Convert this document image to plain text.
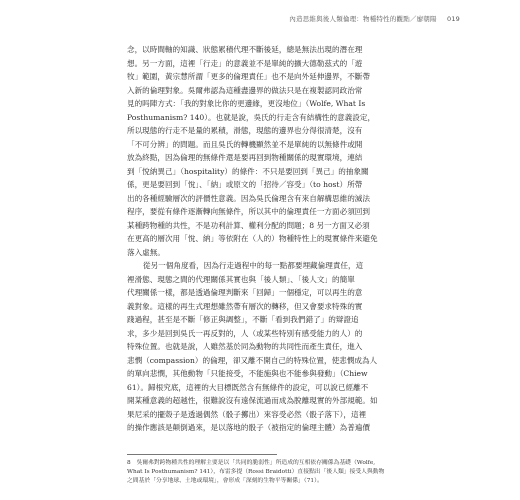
內造思維與後人類倫理：物種特性的觀點／廖朝陽 019
念，以時間軸的知識、狀態累積代理不斷後延，總是無法出現的潛在理
想。另一方面，這裡「行走」的意義並不是單純的擴大德勒茲式的「遊
牧」範圍，黃宗慧所謂「更多的倫理責任」也不是向外延伸邊界，不斷帶
入新的倫理對象。吳爾弗認為這種盡邊界的做法只是在複製認同政治常
見的吗陣方式：「我的對象比你的更邊緣，更沒地位」（Wolfe, What Is
Posthumanism? 140）。也就是說，吳氏的行走含有結構性的意義設定，
所以現態的行走不是量的累積，滑態，現態的邊界也分得很清楚，沒有
「不可分辨」的問題。而且吳氏的轉機顯然並不是單純的以無條件或開
放為終點，因為倫理的無條件還是要再回到物種關係的現實環境，連結
到「悅納異己」（hospitality）的條件：不只是要回到「異己」的抽象關
係，更是要回到「悅」、「納」或原文的「招待／容受」（to host）所帶
出的各種經驗層次的評價性意義。因為吳氏倫理含有來自解構思維的滅法
程序，要從有條件逐漸轉向無條件，所以其中的倫理責任一方面必須回到
某種跨物種的共性，不是功利計算、權利分配的問題；8 另一方面又必須
在更高的層次用「悅、納」等依附在（人的）物種特性上的現實條件來避免
落入虛無。
從另一個角度看，因為行走過程中的每一點都要埋藏倫理責任，這
裡滑態、現態之間的代理關係其實也與「後人類」、「後人文」的簡單
代理關係一樣，都是透過倫理判斷來「回歸」一個穩定，可以再生的意
義對象。這樣的再生式理想雖然帶有層次的轉移，但又會要求特殊的實
踐過程，甚至是不斷「修正與調整」，不斷「看到我們錯了」的辯證追
求，多少是回到吳氏一再反對的，人（或某些特別有感受能力的人）的
特殊位置。也就是說，人雖然基於同為動物的共同性而產生責任，進入
悲憫（compassion）的倫理，卻又離不開自己的特殊位置，使悲憫成為人
的單向悲憫，其他動物「只能接受，不能施與也不能參與發動」（Chiew
61）。歸根究底，這裡的大目標既然含有無條件的設定，可以說已經離不
開某種意義的超越性，很難說沒有遠保流過而成為脫離現實的外部規範。如
果尼采的擺殼子是透過偶然（骰子擲出）來容受必然（骰子落下），這裡
的操作應該是顛倒過來，是以落地的骰子（被指定的倫理主體）為普遍價
8　吳爾弗對跨物種共性的理解主要是以「共同的脆弱性」所造成的互相依存關係為基礎（Wolfe,
What Is Posthumanism? 141），布雷多提（Rossi Braidotti）直接點出「後人類」接受人與動物
之間基於「分享地球、土地或環境」，會形成「深刻的生物平等關係」（71）。
